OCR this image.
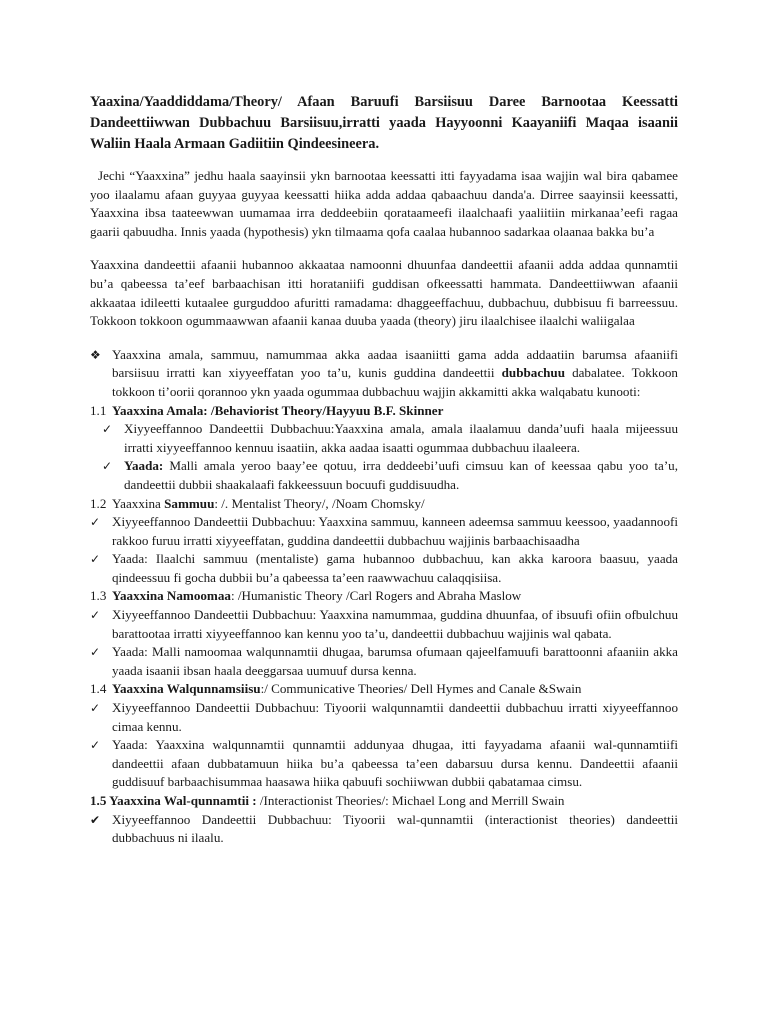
Yaaxina/Yaaddiddama/Theory/ Afaan Baruufi Barsiisuu Daree Barnootaa Keessatti Dandeettiiwwan Dubbachuu Barsiisuu,irratti yaada Hayyoonni Kaayaniifi Maqaa isaanii Waliin Haala Armaan Gadiitiin Qindeesineera.

Jechi “Yaaxxina” jedhu haala saayinsii ykn barnootaa keessatti itti fayyadama isaa wajjin wal bira qabamee yoo ilaalamu afaan guyyaa guyyaa keessatti hiika adda addaa qabaachuu danda'a. Dirree saayinsii keessatti, Yaaxxina ibsa taateewwan uumamaa irra deddeebiin qorataameefi ilaalchaafi yaaliitiin mirkanaa’eefi ragaa gaarii qabuudha. Innis yaada (hypothesis) ykn tilmaama qofa caalaa hubannoo sadarkaa olaanaa bakka bu’a

Yaaxxina dandeettii afaanii hubannoo akkaataa namoonni dhuunfaa dandeettii afaanii adda addaa qunnamtii bu’a qabeessa ta’eef barbaachisan itti horataniifi guddisan ofkeessatti hammata. Dandeettiiwwan afaanii akkaataa idileetti kutaalee gurguddoo afuritti ramadama: dhaggeeffachuu, dubbachuu, dubbisuu fi barreessuu. Tokkoon tokkoon ogummaawwan afaanii kanaa duuba yaada (theory) jiru ilaalchisee ilaalchi waliigalaa

❖ Yaaxxina amala, sammuu, namummaa akka aadaa isaaniitti gama adda addaatiin barumsa afaaniifi barsiisuu irratti kan xiyyeeffatan yoo ta’u, kunis guddina dandeettii dubbachuu dabalatee. Tokkoon tokkoon ti’oorii qorannoo ykn yaada ogummaa dubbachuu wajjin akkamitti akka walqabatu kunooti:
1.1 Yaaxxina Amala: /Behaviorist Theory/Hayyuu B.F. Skinner
✓ Xiyyeeffannoo Dandeettii Dubbachuu:Yaaxxina amala, amala ilaalamuu danda’uufi haala mijeessuu irratti xiyyeeffannoo kennuu isaatiin, akka aadaa isaatti ogummaa dubbachuu ilaaleera.
✓ Yaada: Malli amala yeroo baay’ee qotuu, irra deddeebi’uufi cimsuu kan of keessaa qabu yoo ta’u, dandeettii dubbii shaakalaafi fakkeessuun bocuufi guddisuudha.
1.2 Yaaxxina Sammuu: /. Mentalist Theory/, /Noam Chomsky/
✓ Xiyyeeffannoo Dandeettii Dubbachuu: Yaaxxina sammuu, kanneen adeemsa sammuu keessoo, yaadannoofi rakkoo furuu irratti xiyyeeffatan, guddina dandeettii dubbachuu wajjinis barbaachisaadha
✓ Yaada: Ilaalchi sammuu (mentaliste) gama hubannoo dubbachuu, kan akka karoora baasuu, yaada qindeessuu fi gocha dubbii bu’a qabeessa ta’een raawwachuu calaqqisiisa.
1.3 Yaaxxina Namoomaa: /Humanistic Theory /Carl Rogers and Abraha Maslow
✓ Xiyyeeffannoo Dandeettii Dubbachuu: Yaaxxina namummaa, guddina dhuunfaa, of ibsuufi ofiin ofbulchuu barattootaa irratti xiyyeeffannoo kan kennu yoo ta’u, dandeettii dubbachuu wajjinis wal qabata.
✓ Yaada: Malli namoomaa walqunnamtii dhugaa, barumsa ofumaan qajeelfamuufi barattoonni afaaniin akka yaada isaanii ibsan haala deeggarsaa uumuuf dursa kenna.
1.4 Yaaxxina Walqunnamsiisu:/ Communicative Theories/ Dell Hymes and Canale &Swain
✓ Xiyyeeffannoo Dandeettii Dubbachuu: Tiyoorii walqunnamtii dandeettii dubbachuu irratti xiyyeeffannoo cimaa kennu.
✓ Yaada: Yaaxxina walqunnamtii qunnamtii addunyaa dhugaa, itti fayyadama afaanii wal-qunnamtiifi dandeettii afaan dubbatamuun hiika bu’a qabeessa ta’een dabarsuu dursa kennu. Dandeettii afaanii guddisuuf barbaachisummaa haasawa hiika qabuufi sochiiwwan dubbii qabatamaa cimsu.
1.5 Yaaxxina Wal-qunnamtii : /Interactionist Theories/: Michael Long and Merrill Swain
✔ Xiyyeeffannoo Dandeettii Dubbachuu: Tiyoorii wal-qunnamtii (interactionist theories) dandeettii dubbachuus ni ilaalu.
